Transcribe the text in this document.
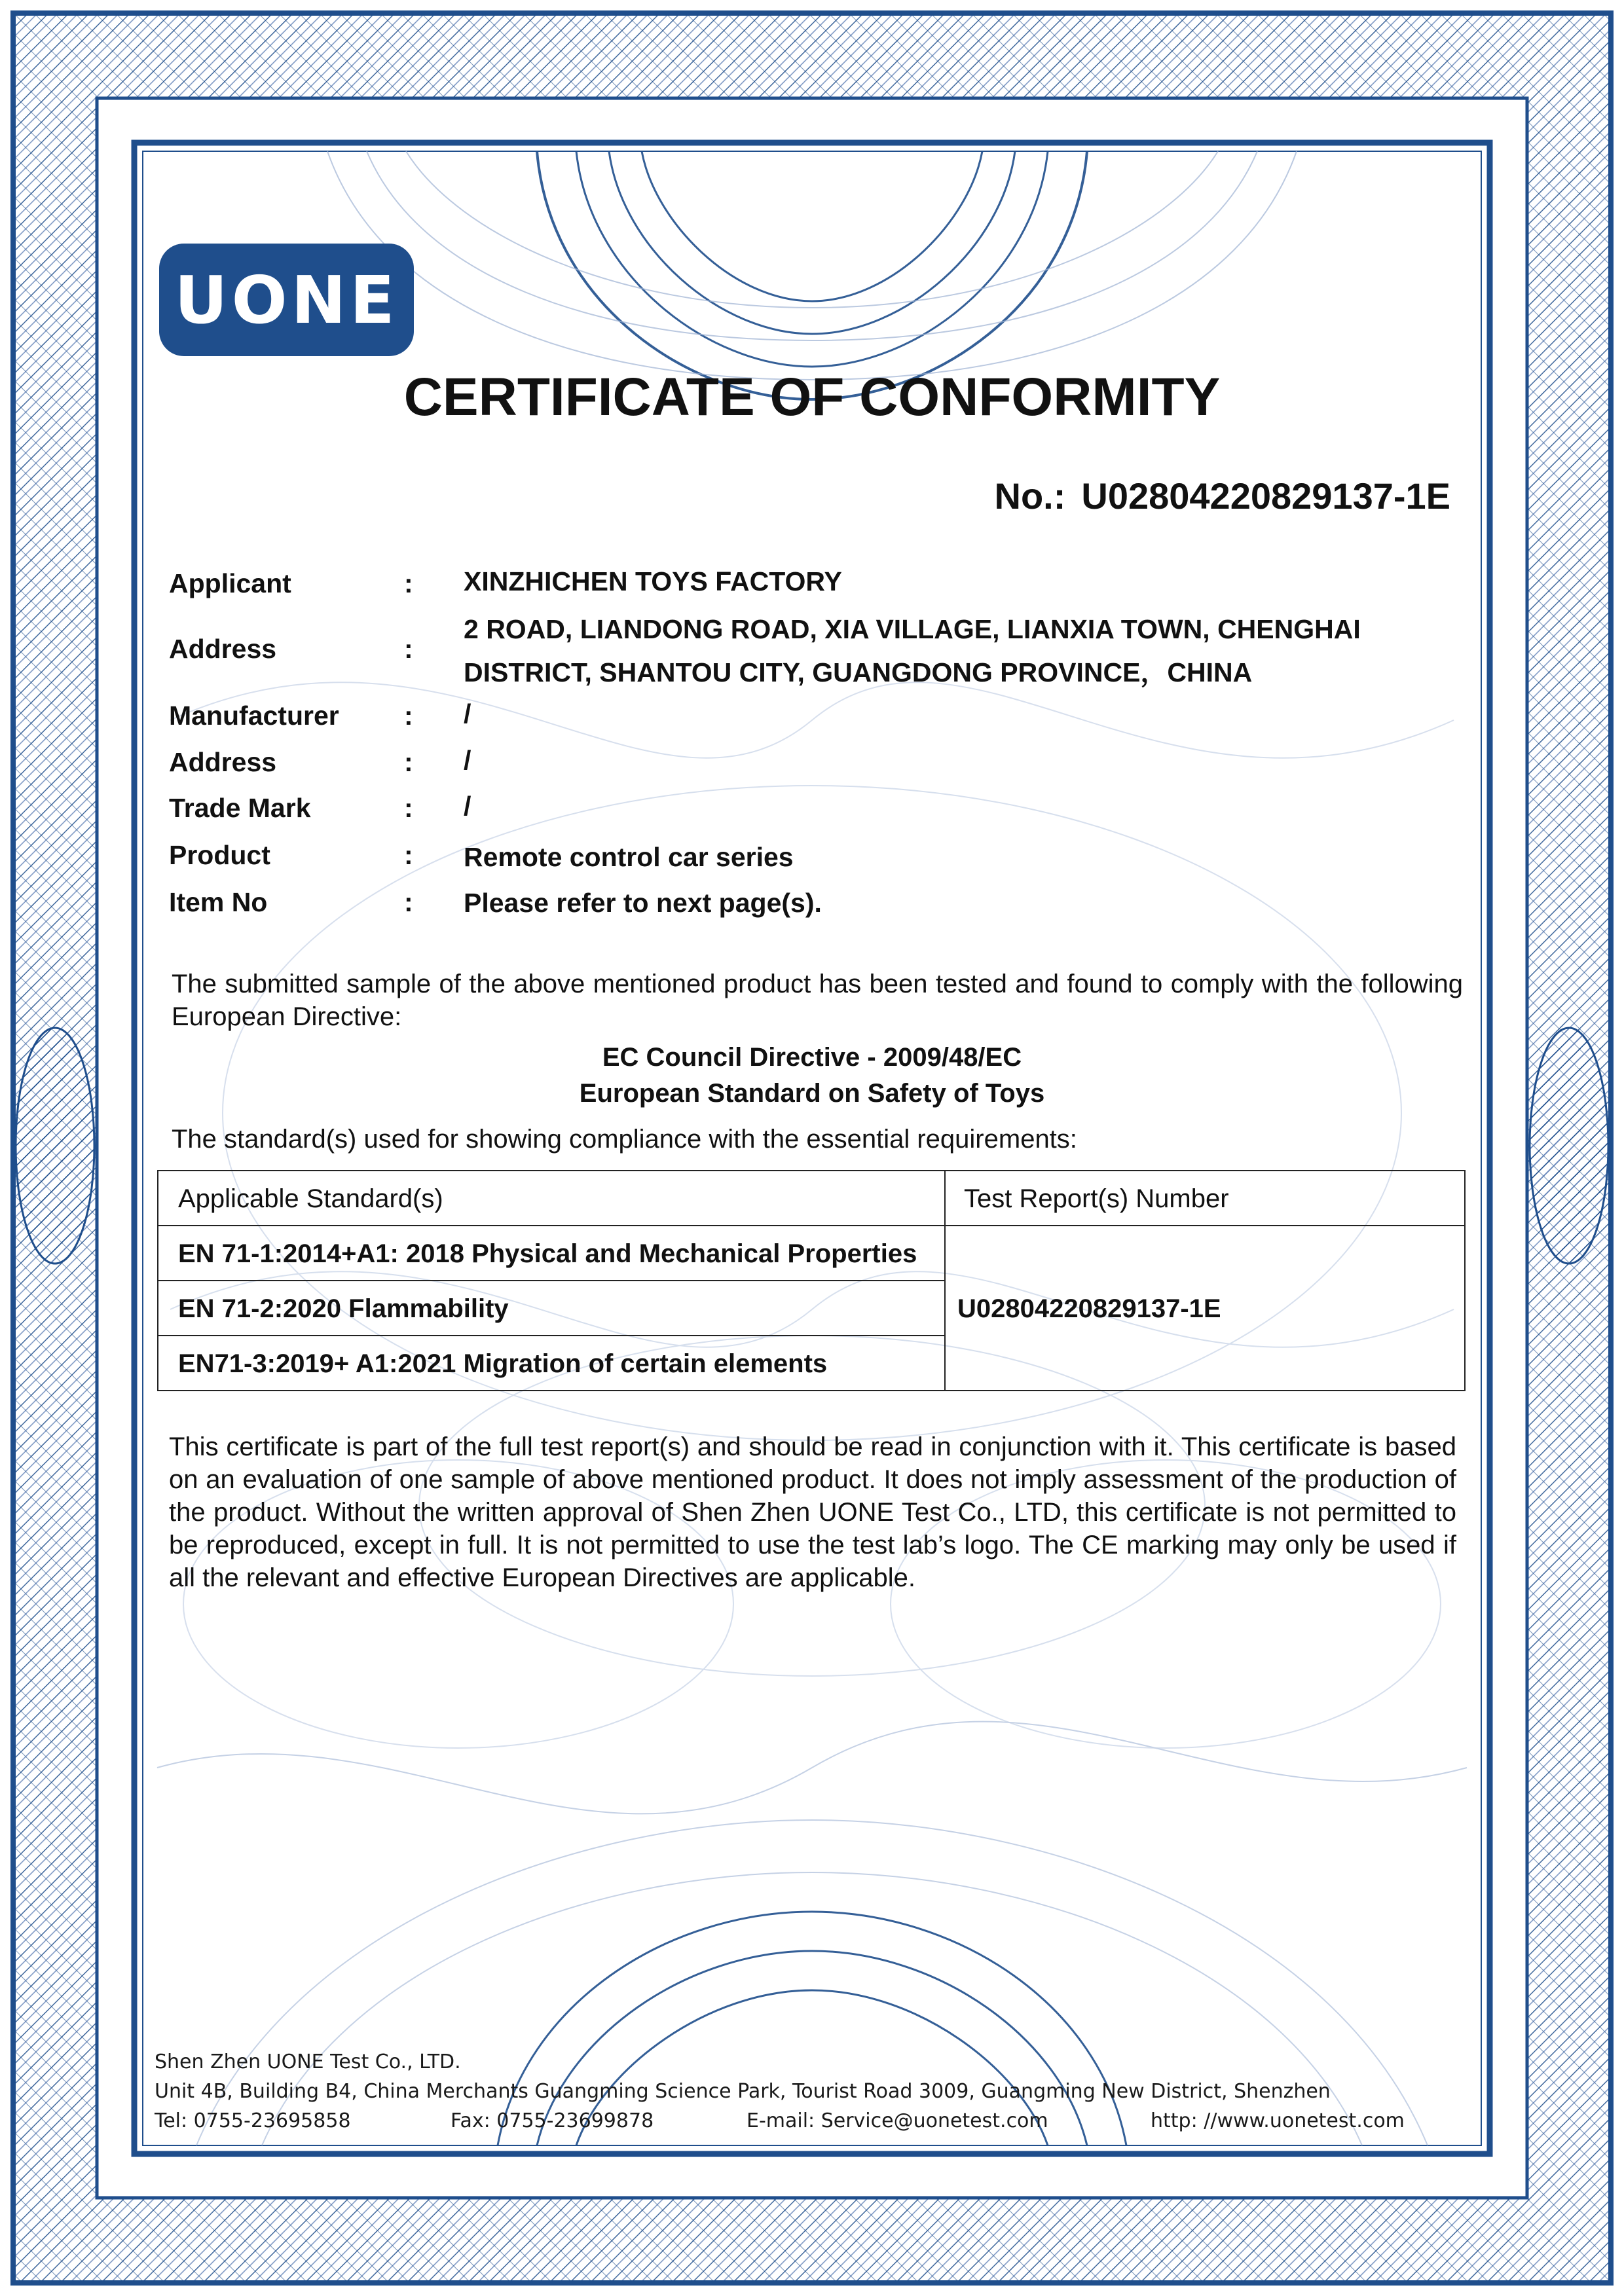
UONE
CERTIFICATE OF CONFORMITY
No.: U02804220829137-1E
Applicant	: XINZHICHEN TOYS FACTORY
Address	:
2 ROAD, LIANDONG ROAD, XIA VILLAGE, LIANXIA TOWN, CHENGHAI DISTRICT, SHANTOU CITY, GUANGDONG PROVINCE，CHINA
Manufacturer : /
Address	: /
Trade Mark	: /
Product	: Remote control car series
Item No	: Please refer to next page(s).
The submitted sample of the above mentioned product has been tested and found to comply with the following European Directive:
EC Council Directive - 2009/48/EC
European Standard on Safety of Toys
The standard(s) used for showing compliance with the essential requirements:
Applicable Standard(s)	Test Report(s) Number
EN 71-1:2014+A1: 2018 Physical and Mechanical Properties
EN 71-2:2020 Flammability
EN71-3:2019+ A1:2021 Migration of certain elements
U02804220829137-1E
This certificate is part of the full test report(s) and should be read in conjunction with it. This certificate is based on an evaluation of one sample of above mentioned product. It does not imply assessment of the production of the product. Without the written approval of Shen Zhen UONE Test Co., LTD, this certificate is not permitted to be reproduced, except in full. It is not permitted to use the test lab’s logo. The CE marking may only be used if all the relevant and effective European Directives are applicable.
Shen Zhen UONE Test Co., LTD.
Unit 4B, Building B4, China Merchants Guangming Science Park, Tourist Road 3009, Guangming New District, Shenzhen
Tel: 0755-23695858	Fax: 0755-23699878	E-mail: Service@uonetest.com	http: //www.uonetest.com
